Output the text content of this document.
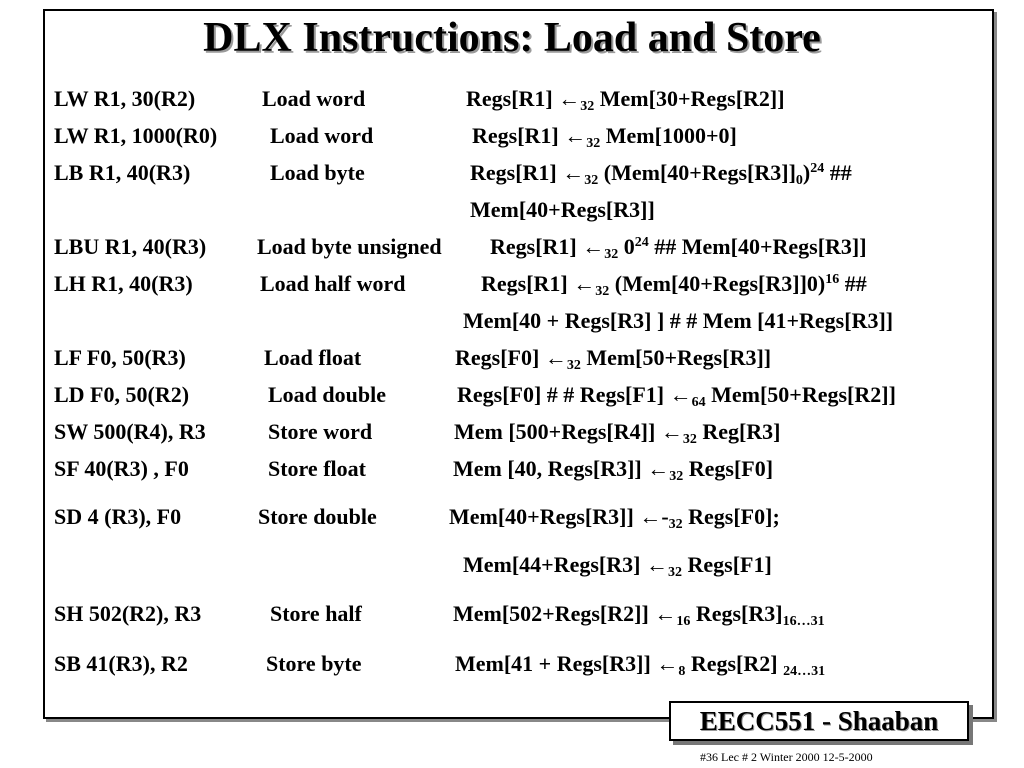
DLX Instructions: Load and Store
LW R1, 30(R2)	Load word	Regs[R1] $\leftarrow_{32}$ Mem[30+Regs[R2]]
LW R1, 1000(R0) Load word	Regs[R1] $\leftarrow_{32}$ Mem[1000+0]
LB R1, 40(R3)	Load byte	Regs[R1] $\leftarrow_{32}$ $(Mem[40+Regs[R3]]_0)^{24}$ ##
Mem[40+Regs[R3]]
LBU R1, 40(R3) Load byte unsigned Regs[R1] $\leftarrow_{32}$ $0^{24}$ ## Mem[40+Regs[R3]]
LH R1, 40(R3)	Load half word	Regs[R1] $\leftarrow_{32}$ (Mem[40+Regs[R3]]0)$^{16}$ ##
Mem[40 + Regs[R3] ] # # Mem [41+Regs[R3]]
LF F0, 50(R3)	Load float	Regs[F0] $\leftarrow_{32}$ Mem[50+Regs[R3]]
LD F0, 50(R2)	Load double	Regs[F0] # # Regs[F1] $\leftarrow_{64}$ Mem[50+Regs[R2]]
SW 500(R4), R3	Store word	Mem [500+Regs[R4]] $\leftarrow_{32}$ Reg[R3]
SF 40(R3) , F0	Store float	Mem [40, Regs[R3]] $\leftarrow_{32}$ Regs[F0]
SD 4 (R3), F0	Store double	Mem[40+Regs[R3]] $\leftarrow-_{32}$ Regs[F0];
Mem[44+Regs[R3] $\leftarrow_{32}$ Regs[F1]
SH 502(R2), R3	Store half	Mem[502+Regs[R2]] $\leftarrow_{16}$ $Regs[R3]_{16\dots 31}$
SB 41(R3), R2	Store byte	Mem[41 + Regs[R3]] $\leftarrow_8$ Regs[R2] $_{24\dots 31}$
EECC551 - Shaaban
#36 Lec # 2 Winter 2000 12-5-2000
